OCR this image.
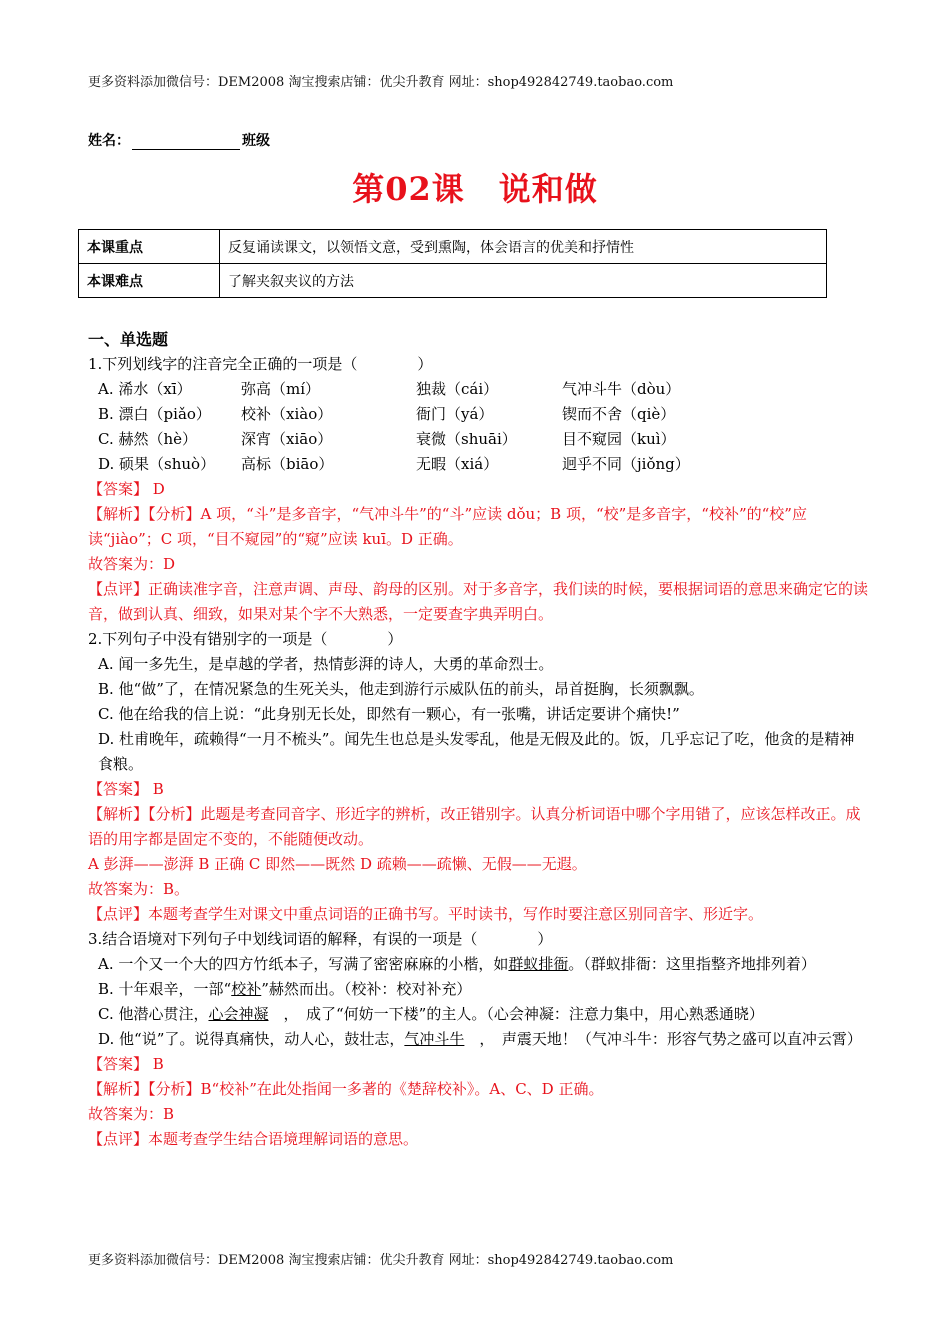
更多资料添加微信号：DEM2008 淘宝搜索店铺：优尖升教育 网址：shop492842749.taobao.com
姓名：	班级
第02课 说和做
本课重点	反复诵读课文，以领悟文意，受到熏陶，体会语言的优美和抒情性
本课难点	了解夹叙夹议的方法
一、单选题
1.下列划线字的注音完全正确的一项是（　　　　）
A. 浠水（xī）	弥高（mí）	独裁（cái）	气冲斗牛（dòu）
B. 漂白（piǎo） 校补（xiào）	衙门（yá）	锲而不舍（qiè）
C. 赫然（hè）	深宵（xiāo）	衰微（shuāi）	目不窥园（kuì）
D. 硕果（shuò） 高标（biāo）	无暇（xiá）	迥乎不同（jiǒng）
【答案】 D
【解析】【分析】A 项，“斗”是多音字，“气冲斗牛”的“斗”应读 dǒu；B 项，“校”是多音字，“校补”的“校”应读“jiào”；C 项，“目不窥园”的“窥”应读 kuī。D 正确。
故答案为：D
【点评】正确读准字音，注意声调、声母、韵母的区别。对于多音字，我们读的时候，要根据词语的意思来确定它的读音，做到认真、细致，如果对某个字不大熟悉，一定要查字典弄明白。
2.下列句子中没有错别字的一项是（　　　　）
A. 闻一多先生，是卓越的学者，热情彭湃的诗人，大勇的革命烈士。
B. 他“做”了，在情况紧急的生死关头，他走到游行示威队伍的前头，昂首挺胸，长须飘飘。
C. 他在给我的信上说：“此身别无长处，即然有一颗心，有一张嘴，讲话定要讲个痛快!”
D. 杜甫晚年，疏赖得“一月不梳头”。闻先生也总是头发零乱，他是无假及此的。饭，几乎忘记了吃，他贪的是精神食粮。
【答案】 B
【解析】【分析】此题是考查同音字、形近字的辨析，改正错别字。认真分析词语中哪个字用错了，应该怎样改正。成语的用字都是固定不变的，不能随便改动。
A 彭湃——澎湃 B 正确 C 即然——既然 D 疏赖——疏懒、无假——无遐。
故答案为：B。
【点评】本题考查学生对课文中重点词语的正确书写。平时读书，写作时要注意区别同音字、形近字。
3.结合语境对下列句子中划线词语的解释，有误的一项是（　　　　）
A. 一个又一个大的四方竹纸本子，写满了密密麻麻的小楷，如群蚁排衙。（群蚁排衙：这里指整齐地排列着）
B. 十年艰辛，一部“校补”赫然而出。（校补：校对补充）
C. 他潜心贯注，心会神凝　，　成了“何妨一下楼”的主人。（心会神凝：注意力集中，用心熟悉通晓）
D. 他“说”了。说得真痛快，动人心，鼓壮志，气冲斗牛　，　声震天地！（气冲斗牛：形容气势之盛可以直冲云霄）
【答案】 B
【解析】【分析】B“校补”在此处指闻一多著的《楚辞校补》。A、C、D 正确。
故答案为：B
【点评】本题考查学生结合语境理解词语的意思。
更多资料添加微信号：DEM2008 淘宝搜索店铺：优尖升教育 网址：shop492842749.taobao.com
